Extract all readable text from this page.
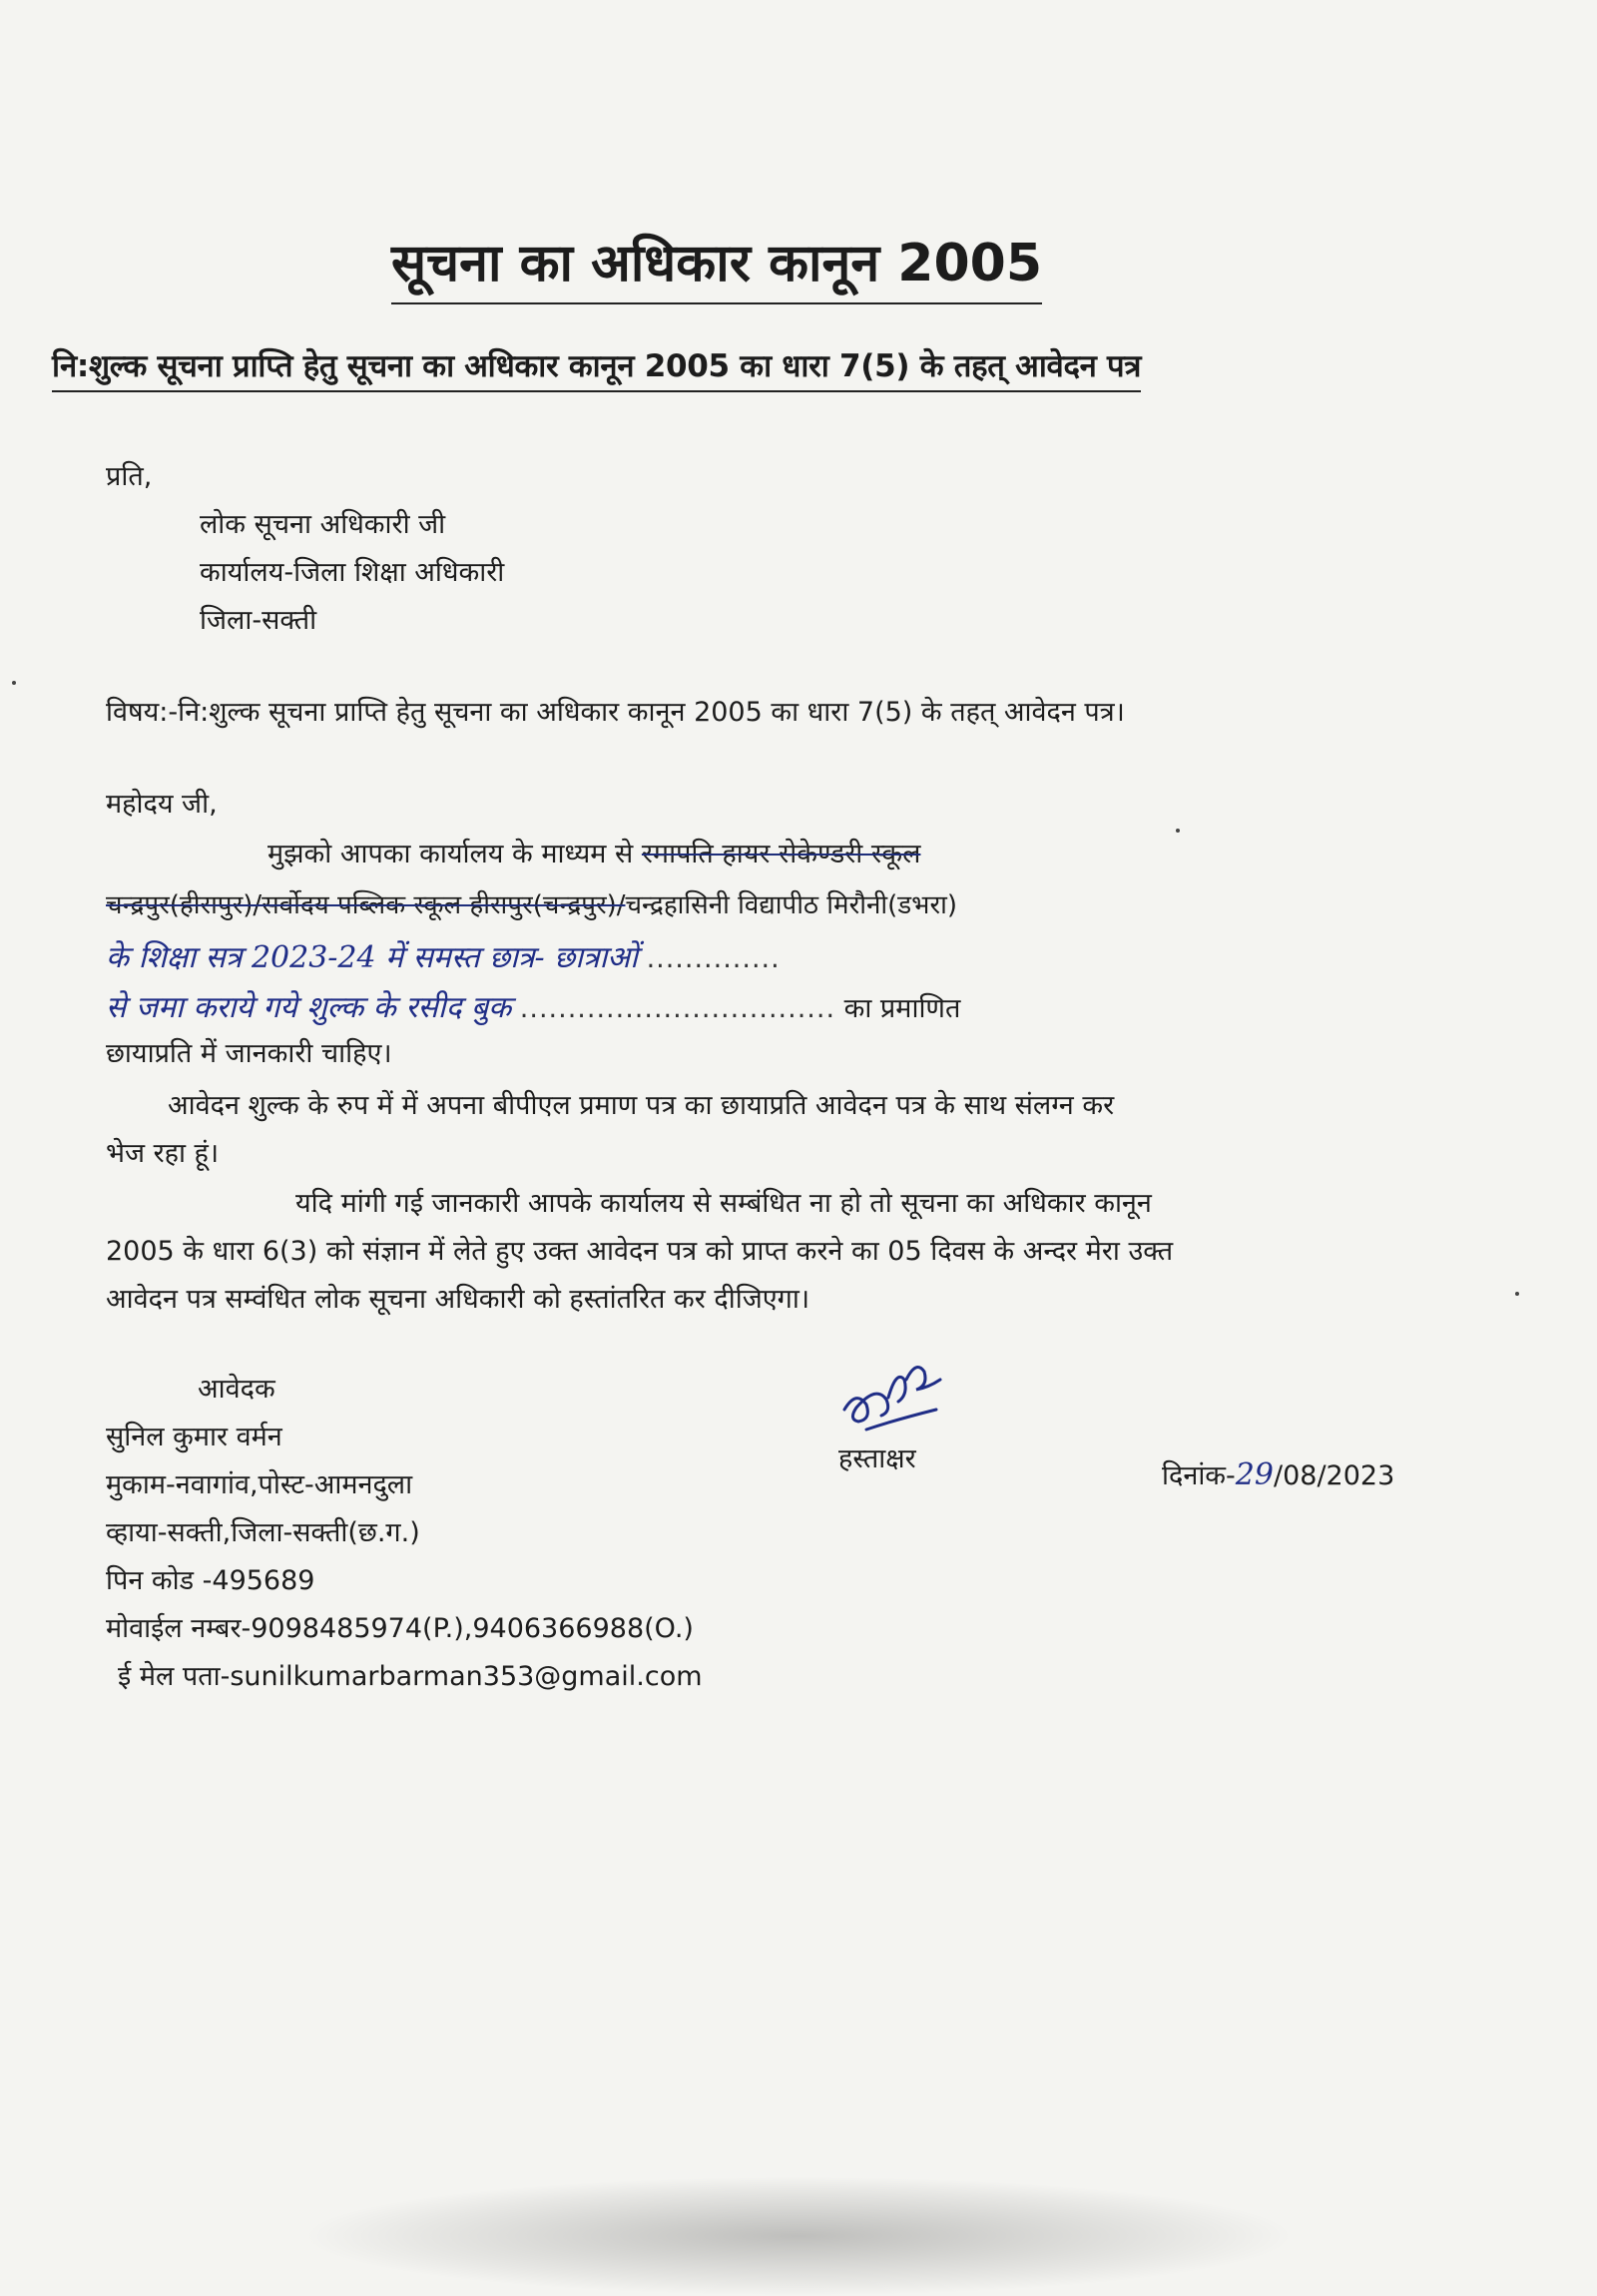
सूचना का अधिकार कानून 2005
नि:शुल्क सूचना प्राप्ति हेतु सूचना का अधिकार कानून 2005 का धारा 7(5) के तहत् आवेदन पत्र
प्रति,
लोक सूचना अधिकारी जी
कार्यालय-जिला शिक्षा अधिकारी
जिला-सक्ती
विषय:-नि:शुल्क सूचना प्राप्ति हेतु सूचना का अधिकार कानून 2005 का धारा 7(5) के तहत् आवेदन पत्र।
महोदय जी,
मुझको आपका कार्यालय के माध्यम से रमापति हायर सेकेण्डरी स्कूल
चन्द्रपुर(हीरापुर)/सर्वोदय पब्लिक स्कूल हीरापुर(चन्द्रपुर)/चन्द्रहासिनी विद्यापीठ मिरौनी(डभरा)
के शिक्षा सत्र 2023-24 में समस्त छात्र- छात्राओं ..............
से जमा कराये गये शुल्क के रसीद बुक ................................. का प्रमाणित
छायाप्रति में जानकारी चाहिए।
आवेदन शुल्क के रुप में में अपना बीपीएल प्रमाण पत्र का छायाप्रति आवेदन पत्र के साथ संलग्न कर
भेज रहा हूं।
यदि मांगी गई जानकारी आपके कार्यालय से सम्बंधित ना हो तो सूचना का अधिकार कानून
2005 के धारा 6(3) को संज्ञान में लेते हुए उक्त आवेदन पत्र को प्राप्त करने का 05 दिवस के अन्दर मेरा उक्त
आवेदन पत्र सम्वंधित लोक सूचना अधिकारी को हस्तांतरित कर दीजिएगा।
आवेदक
सुनिल कुमार वर्मन
मुकाम-नवागांव,पोस्ट-आमनदुला
व्हाया-सक्ती,जिला-सक्ती(छ.ग.)
पिन कोड -495689
मोवाईल नम्बर-9098485974(P.),9406366988(O.)
ई मेल पता-sunilkumarbarman353@gmail.com
हस्ताक्षर
दिनांक-29/08/2023
